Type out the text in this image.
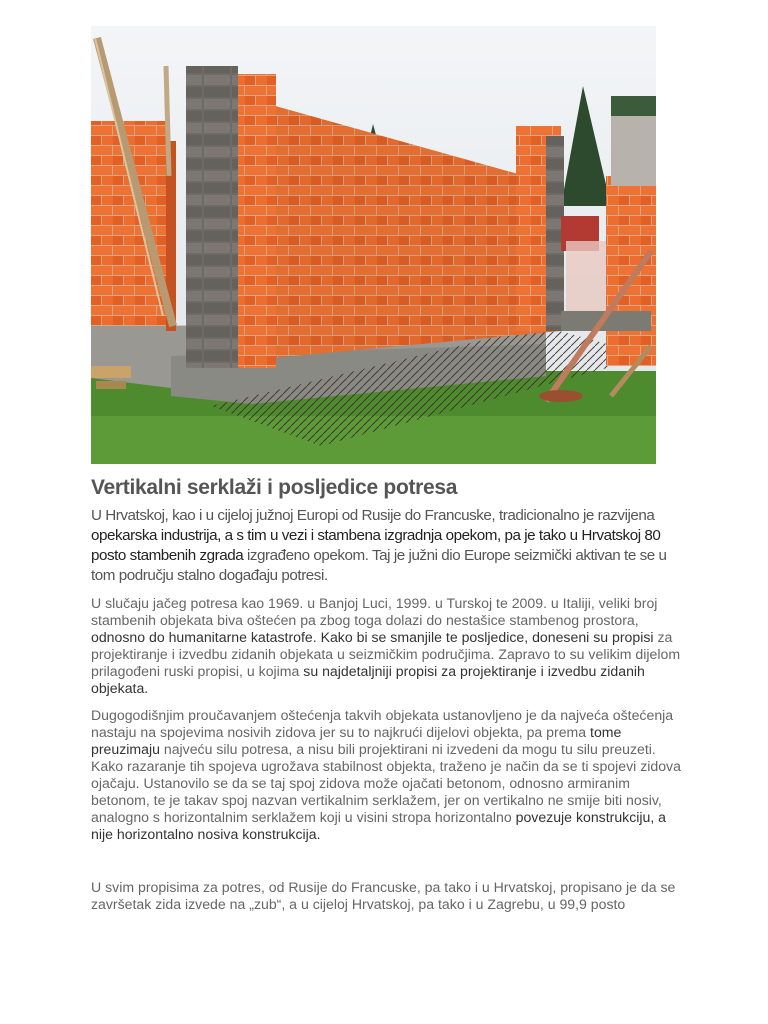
Vertikalni serklaži i posljedice potresa

U Hrvatskoj, kao i u cijeloj južnoj Europi od Rusije do Francuske, tradicionalno je razvijena opekarska industrija, a s tim u vezi i stambena izgradnja opekom, pa je tako u Hrvatskoj 80 posto stambenih zgrada izgrađeno opekom. Taj je južni dio Europe seizmički aktivan te se u tom području stalno događaju potresi.

U slučaju jačeg potresa kao 1969. u Banjoj Luci, 1999. u Turskoj te 2009. u Italiji, veliki broj stambenih objekata biva oštećen pa zbog toga dolazi do nestašice stambenog prostora, odnosno do humanitarne katastrofe. Kako bi se smanjile te posljedice, doneseni su propisi za projektiranje i izvedbu zidanih objekata u seizmičkim područjima. Zapravo to su velikim dijelom prilagođeni ruski propisi, u kojima su najdetaljniji propisi za projektiranje i izvedbu zidanih objekata.

Dugogodišnjim proučavanjem oštećenja takvih objekata ustanovljeno je da najveća oštećenja nastaju na spojevima nosivih zidova jer su to najkrući dijelovi objekta, pa prema tome preuzimaju najveću silu potresa, a nisu bili projektirani ni izvedeni da mogu tu silu preuzeti. Kako razaranje tih spojeva ugrožava stabilnost objekta, traženo je način da se ti spojevi zidova ojačaju. Ustanovilo se da se taj spoj zidova može ojačati betonom, odnosno armiranim betonom, te je takav spoj nazvan vertikalnim serklažem, jer on vertikalno ne smije biti nosiv, analogno s horizontalnim serklažem koji u visini stropa horizontalno povezuje konstrukciju, a nije horizontalno nosiva konstrukcija.

U svim propisima za potres, od Rusije do Francuske, pa tako i u Hrvatskoj, propisano je da se završetak zida izvede na „zub“, a u cijeloj Hrvatskoj, pa tako i u Zagrebu, u 99,9 posto
